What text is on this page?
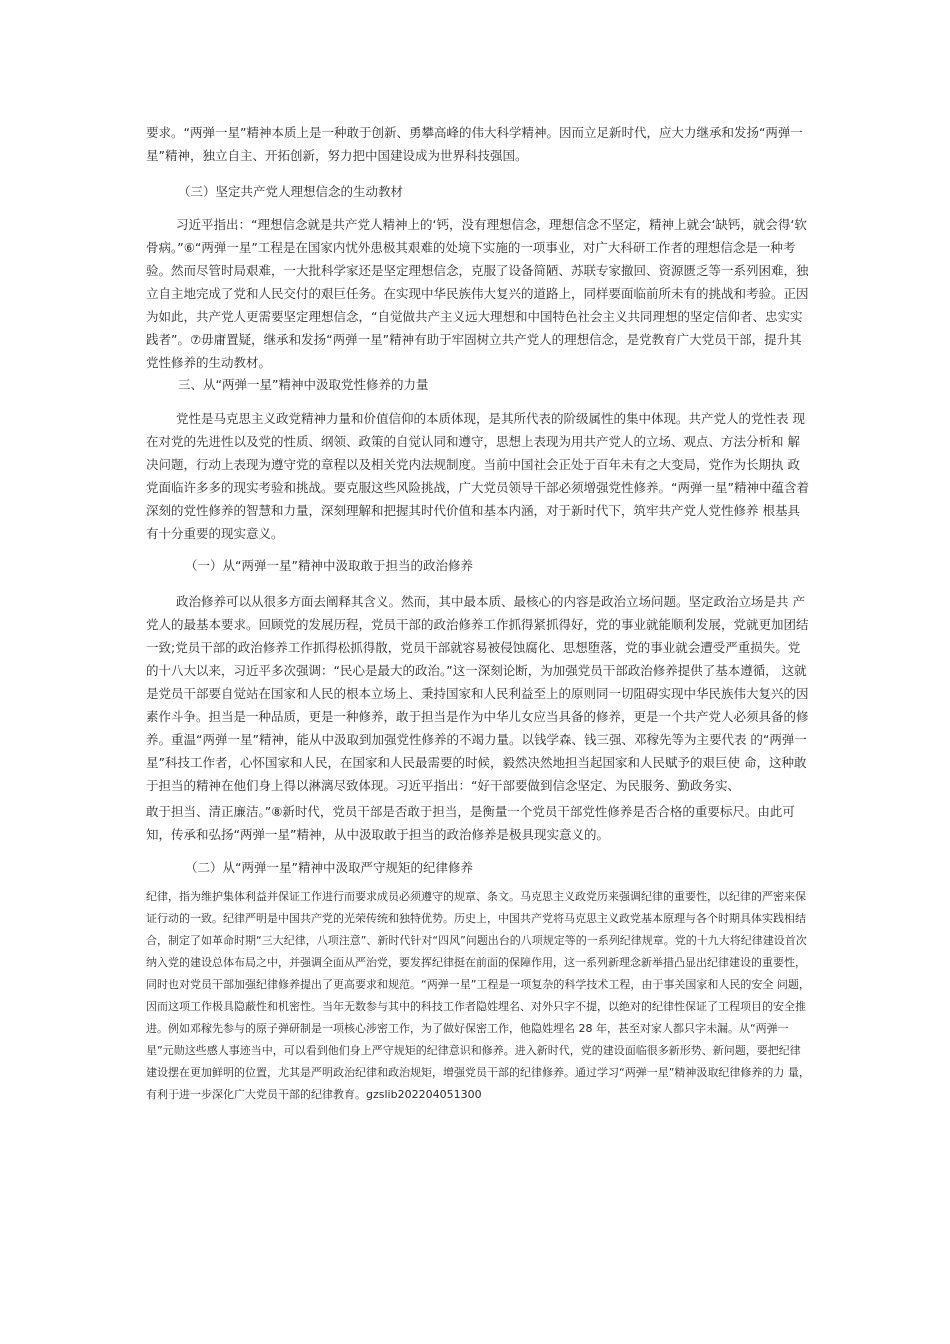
要求。“两弹一星”精神本质上是一种敢于创新、勇攀高峰的伟大科学精神。因而立足新时代，应大力继承和发扬“两弹一星”精神，独立自主、开拓创新，努力把中国建设成为世界科技强国。

（三）坚定共产党人理想信念的生动教材

习近平指出：“理想信念就是共产党人精神上的‘钙，没有理想信念，理想信念不坚定，精神上就会‘缺钙，就会得‘软骨病。”⑥“两弹一星”工程是在国家内忧外患极其艰难的处境下实施的一项事业，对广大科研工作者的理想信念是一种考验。然而尽管时局艰难，一大批科学家还是坚定理想信念，克服了设备简陋、苏联专家撤回、资源匮乏等一系列困难，独立自主地完成了党和人民交付的艰巨任务。在实现中华民族伟大复兴的道路上，同样要面临前所未有的挑战和考验。正因为如此，共产党人更需要坚定理想信念，“自觉做共产主义远大理想和中国特色社会主义共同理想的坚定信仰者、忠实实践者”。⑦毋庸置疑，继承和发扬“两弹一星”精神有助于牢固树立共产党人的理想信念，是党教育广大党员干部，提升其党性修养的生动教材。

三、从“两弹一星”精神中汲取党性修养的力量

党性是马克思主义政党精神力量和价值信仰的本质体现，是其所代表的阶级属性的集中体现。共产党人的党性表 现在对党的先进性以及党的性质、纲领、政策的自觉认同和遵守，思想上表现为用共产党人的立场、观点、方法分析和 解决问题，行动上表现为遵守党的章程以及相关党内法规制度。当前中国社会正处于百年未有之大变局，党作为长期执 政党面临许多多的现实考验和挑战。要克服这些风险挑战，广大党员领导干部必须增强党性修养。“两弹一星”精神中蕴含着深刻的党性修养的智慧和力量，深刻理解和把握其时代价值和基本内涵，对于新时代下，筑牢共产党人党性修养 根基具有十分重要的现实意义。

（一）从“两弹一星”精神中汲取敢于担当的政治修养

政治修养可以从很多方面去阐释其含义。然而，其中最本质、最核心的内容是政治立场问题。坚定政治立场是共 产党人的最基本要求。回顾党的发展历程，党员干部的政治修养工作抓得紧抓得好，党的事业就能顺利发展，党就更加团结一致;党员干部的政治修养工作抓得松抓得散，党员干部就容易被侵蚀腐化、思想堕落，党的事业就会遭受严重损失。党的十八大以来，习近平多次强调：“民心是最大的政治。”这一深刻论断，为加强党员干部政治修养提供了基本遵循， 这就是党员干部要自觉站在国家和人民的根本立场上、秉持国家和人民利益至上的原则同一切阻碍实现中华民族伟大复兴的因素作斗争。担当是一种品质，更是一种修养，敢于担当是作为中华儿女应当具备的修养，更是一个共产党人必须具备的修养。重温“两弹一星”精神，能从中汲取到加强党性修养的不竭力量。以钱学森、钱三强、邓稼先等为主要代表 的“两弹一星”科技工作者，心怀国家和人民，在国家和人民最需要的时候，毅然决然地担当起国家和人民赋予的艰巨使 命，这种敢于担当的精神在他们身上得以淋漓尽致体现。习近平指出：“好干部要做到信念坚定、为民服务、勤政务实、

敢于担当、清正廉洁。”⑧新时代，党员干部是否敢于担当，是衡量一个党员干部党性修养是否合格的重要标尺。由此可知，传承和弘扬“两弹一星”精神，从中汲取敢于担当的政治修养是极具现实意义的。

（二）从“两弹一星”精神中汲取严守规矩的纪律修养

纪律，指为维护集体利益并保证工作进行而要求成员必须遵守的规章、条文。马克思主义政党历来强调纪律的重要性，以纪律的严密来保证行动的一致。纪律严明是中国共产党的光荣传统和独特优势。历史上，中国共产党将马克思主义政党基本原理与各个时期具体实践相结合，制定了如革命时期“三大纪律，八项注意”、新时代针对“四风”问题出台的八项规定等的一系列纪律规章。党的十九大将纪律建设首次纳入党的建设总体布局之中，并强调全面从严治党，要发挥纪律挺在前面的保障作用，这一系列新理念新举措凸显出纪律建设的重要性，同时也对党员干部加强纪律修养提出了更高要求和规范。“两弹一星”工程是一项复杂的科学技术工程，由于事关国家和人民的安全 问题，因而这项工作极具隐蔽性和机密性。当年无数参与其中的科技工作者隐姓埋名、对外只字不提，以绝对的纪律性保证了工程项目的安全推进。例如邓稼先参与的原子弹研制是一项核心涉密工作，为了做好保密工作，他隐姓埋名 28 年，甚至对家人都只字未漏。从“两弹一星”元勋这些感人事迹当中，可以看到他们身上严守规矩的纪律意识和修养。进入新时代，党的建设面临很多新形势、新问题，要把纪律建设摆在更加鲜明的位置，尤其是严明政治纪律和政治规矩，增强党员干部的纪律修养。通过学习“两弹一星”精神汲取纪律修养的力 量，有利于进一步深化广大党员干部的纪律教育。gzslib202204051300
